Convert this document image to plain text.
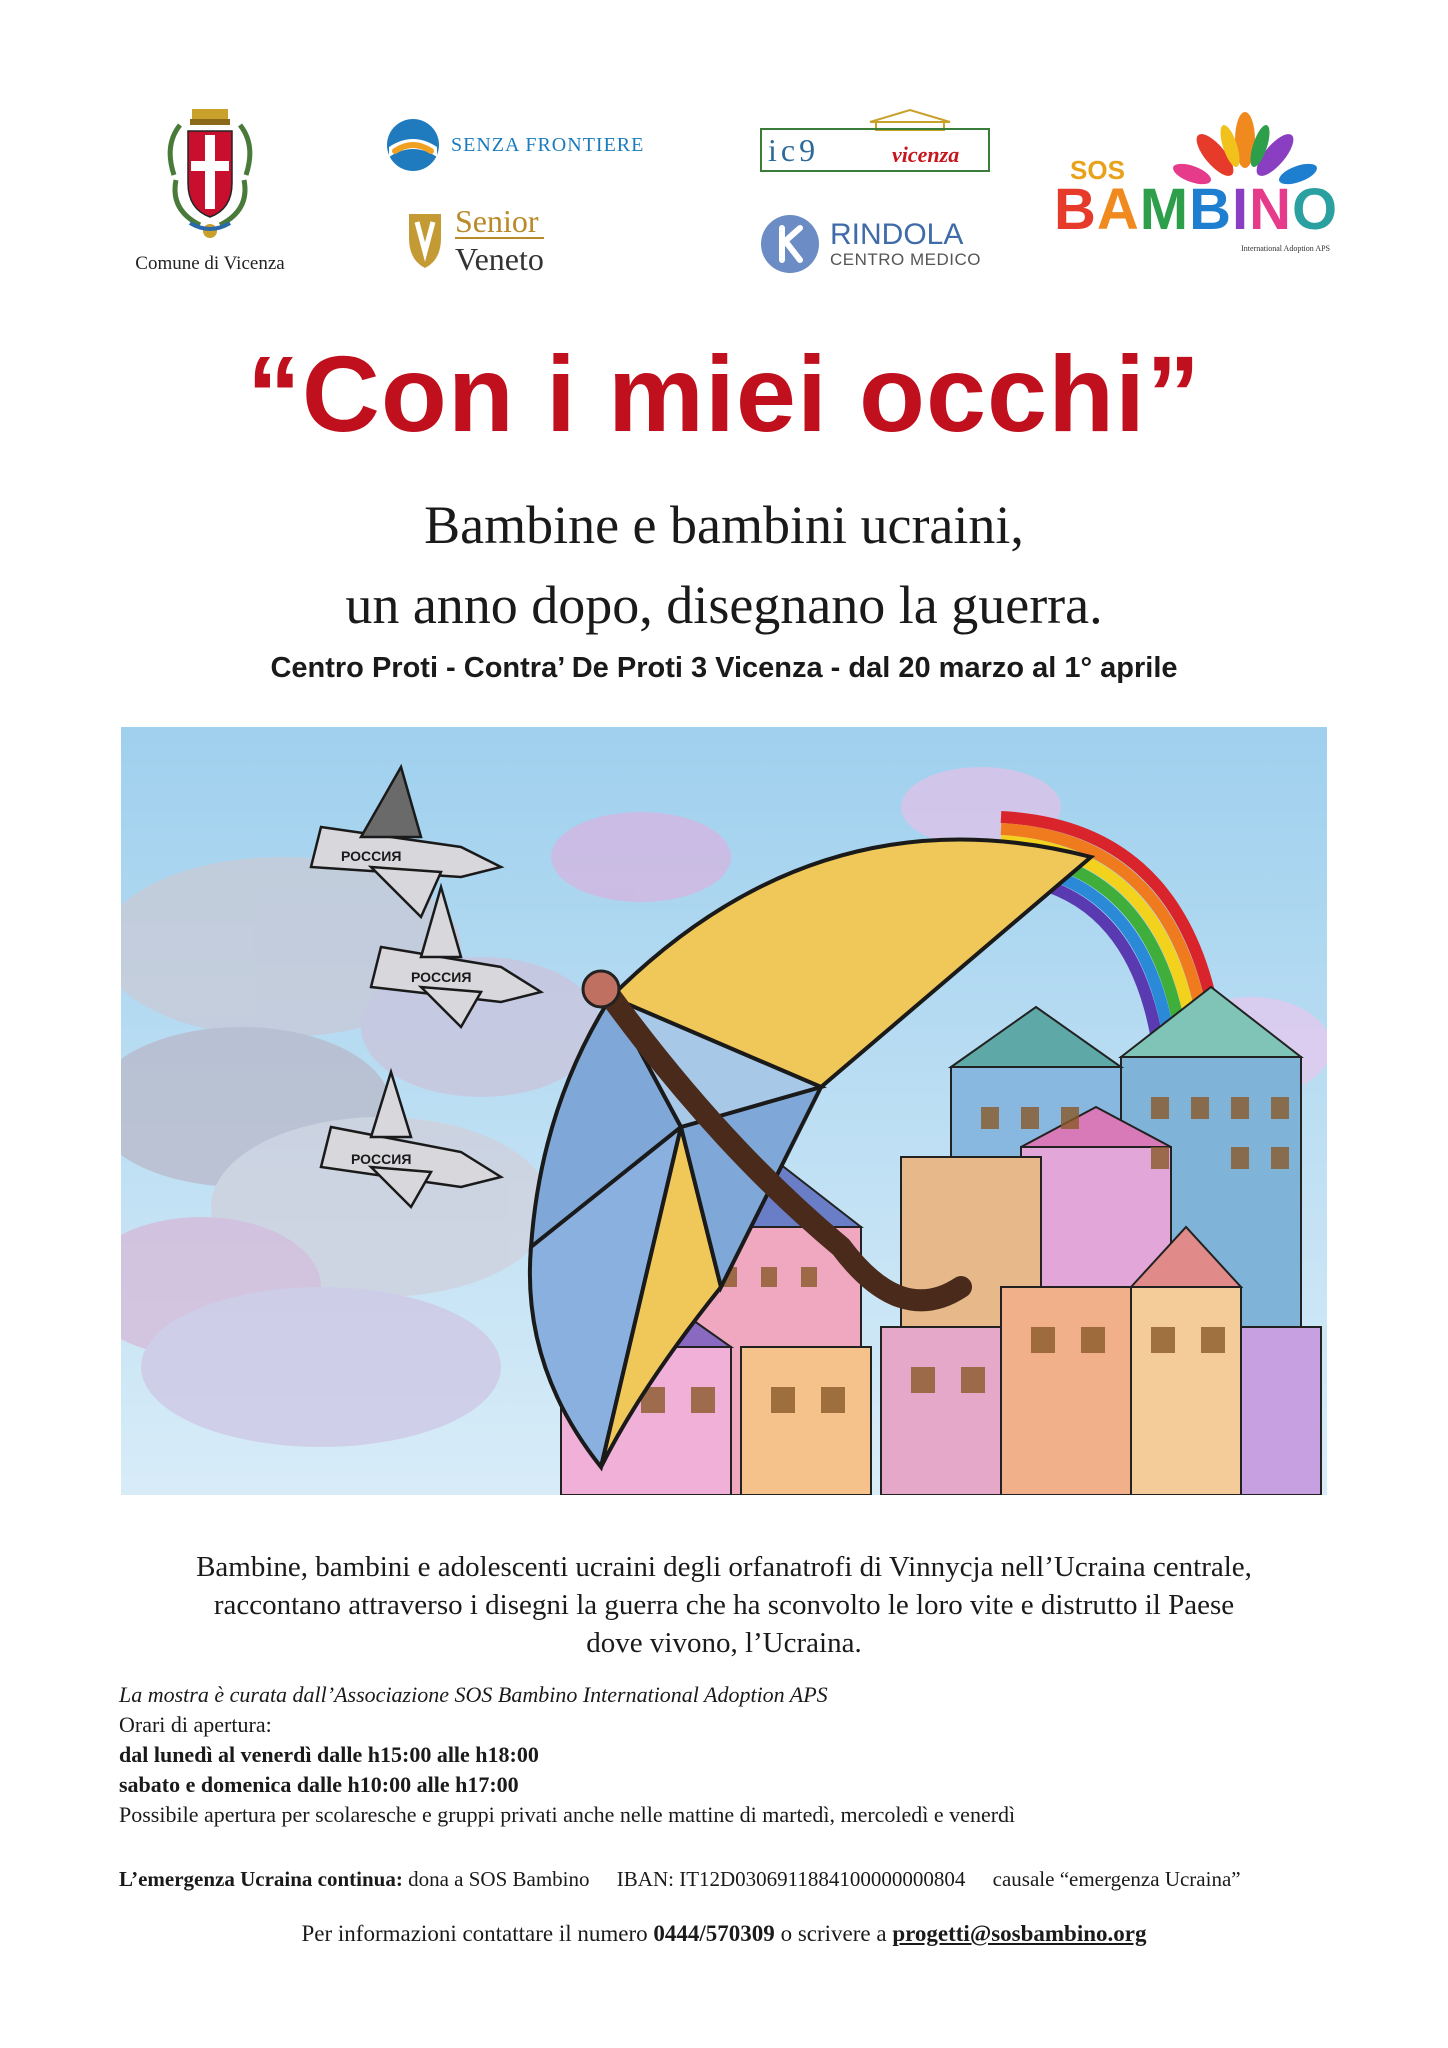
Comune di Vicenza
SENZA FRONTIERE
Senior
Veneto
ic9	vicenza
RINDOLA
CENTRO MEDICO
SOS
BAMBINO
International Adoption APS
“Con i miei occhi”
Bambine e bambini ucraini,
un anno dopo, disegnano la guerra.
Centro Proti - Contra’ De Proti 3 Vicenza - dal 20 marzo al 1° aprile
РОССИЯ
РОССИЯ
РОССИЯ
Bambine, bambini e adolescenti ucraini degli orfanatrofi di Vinnycja nell’Ucraina centrale,
raccontano attraverso i disegni la guerra che ha sconvolto le loro vite e distrutto il Paese
dove vivono, l’Ucraina.
La mostra è curata dall’Associazione SOS Bambino International Adoption APS
Orari di apertura:
dal lunedì al venerdì dalle h15:00 alle h18:00
sabato e domenica dalle h10:00 alle h17:00
Possibile apertura per scolaresche e gruppi privati anche nelle mattine di martedì, mercoledì e venerdì
L’emergenza Ucraina continua: dona a SOS Bambino IBAN: IT12D0306911884100000000804 causale “emergenza Ucraina”
Per informazioni contattare il numero 0444/570309 o scrivere a progetti@sosbambino.org
